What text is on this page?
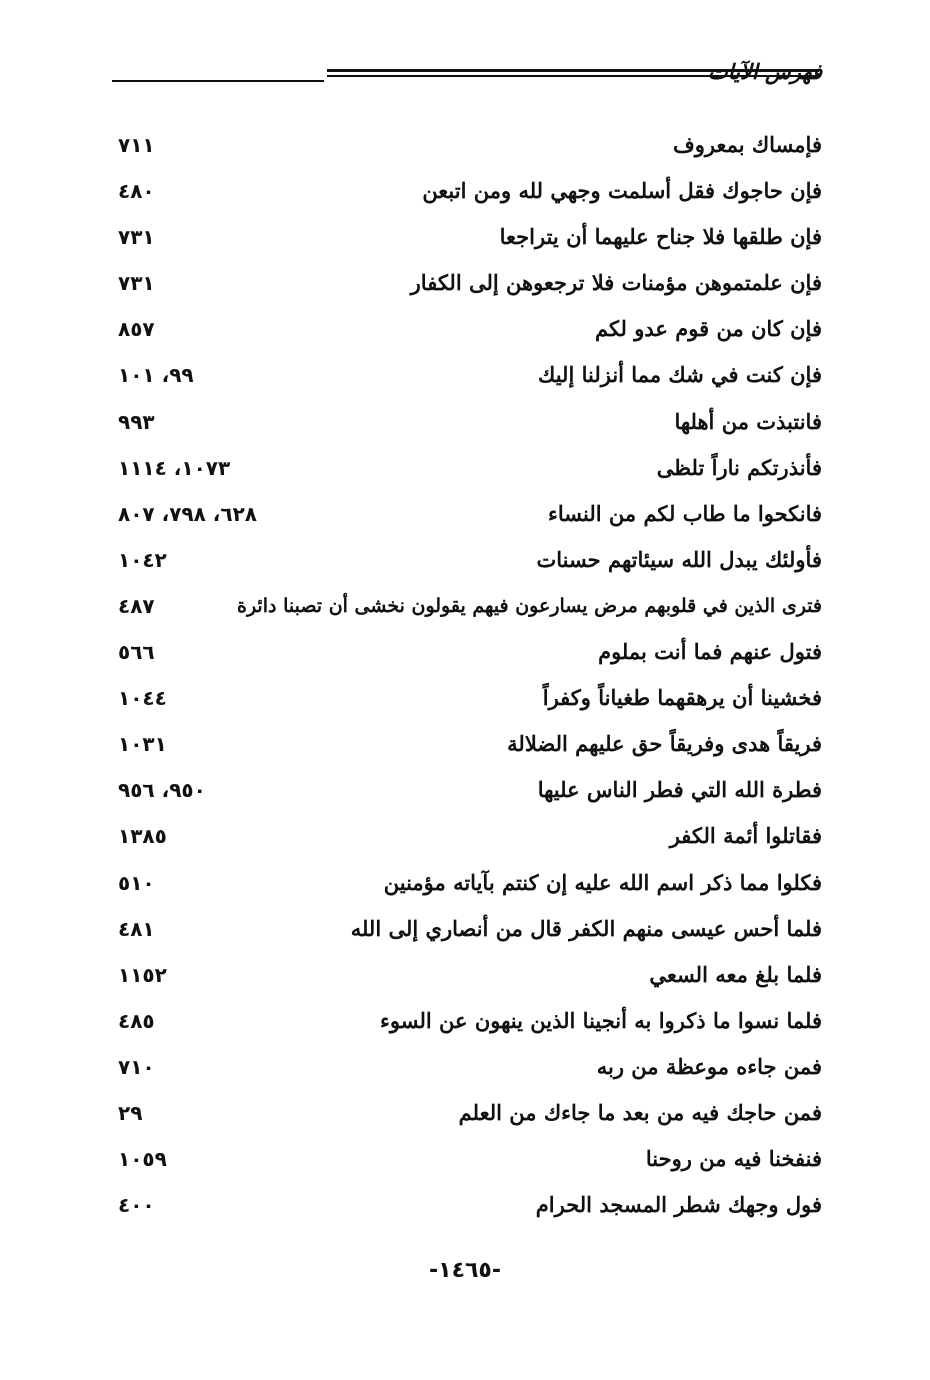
فهرس الآيات
فإمساك بمعروف
٧١١
فإن حاجوك فقل أسلمت وجهي لله ومن اتبعن
٤٨٠
فإن طلقها فلا جناح عليهما أن يتراجعا
٧٣١
فإن علمتموهن مؤمنات فلا ترجعوهن إلى الكفار
٧٣١
فإن كان من قوم عدو لكم
٨٥٧
فإن كنت في شك مما أنزلنا إليك
٩٩، ١٠١
فانتبذت من أهلها
٩٩٣
فأنذرتكم ناراً تلظى
١٠٧٣، ١١١٤
فانكحوا ما طاب لكم من النساء
٦٢٨، ٧٩٨، ٨٠٧
فأولئك يبدل الله سيئاتهم حسنات
١٠٤٢
فترى الذين في قلوبهم مرض يسارعون فيهم يقولون نخشى أن تصبنا دائرة
٤٨٧
فتول عنهم فما أنت بملوم
٥٦٦
فخشينا أن يرهقهما طغياناً وكفراً
١٠٤٤
فريقاً هدى وفريقاً حق عليهم الضلالة
١٠٣١
فطرة الله التي فطر الناس عليها
٩٥٠، ٩٥٦
فقاتلوا أئمة الكفر
١٣٨٥
فكلوا مما ذكر اسم الله عليه إن كنتم بآياته مؤمنين
٥١٠
فلما أحس عيسى منهم الكفر قال من أنصاري إلى الله
٤٨١
فلما بلغ معه السعي
١١٥٢
فلما نسوا ما ذكروا به أنجينا الذين ينهون عن السوء
٤٨٥
فمن جاءه موعظة من ربه
٧١٠
فمن حاجك فيه من بعد ما جاءك من العلم
٢٩
فنفخنا فيه من روحنا
١٠٥٩
فول وجهك شطر المسجد الحرام
٤٠٠
-١٤٦٥-
